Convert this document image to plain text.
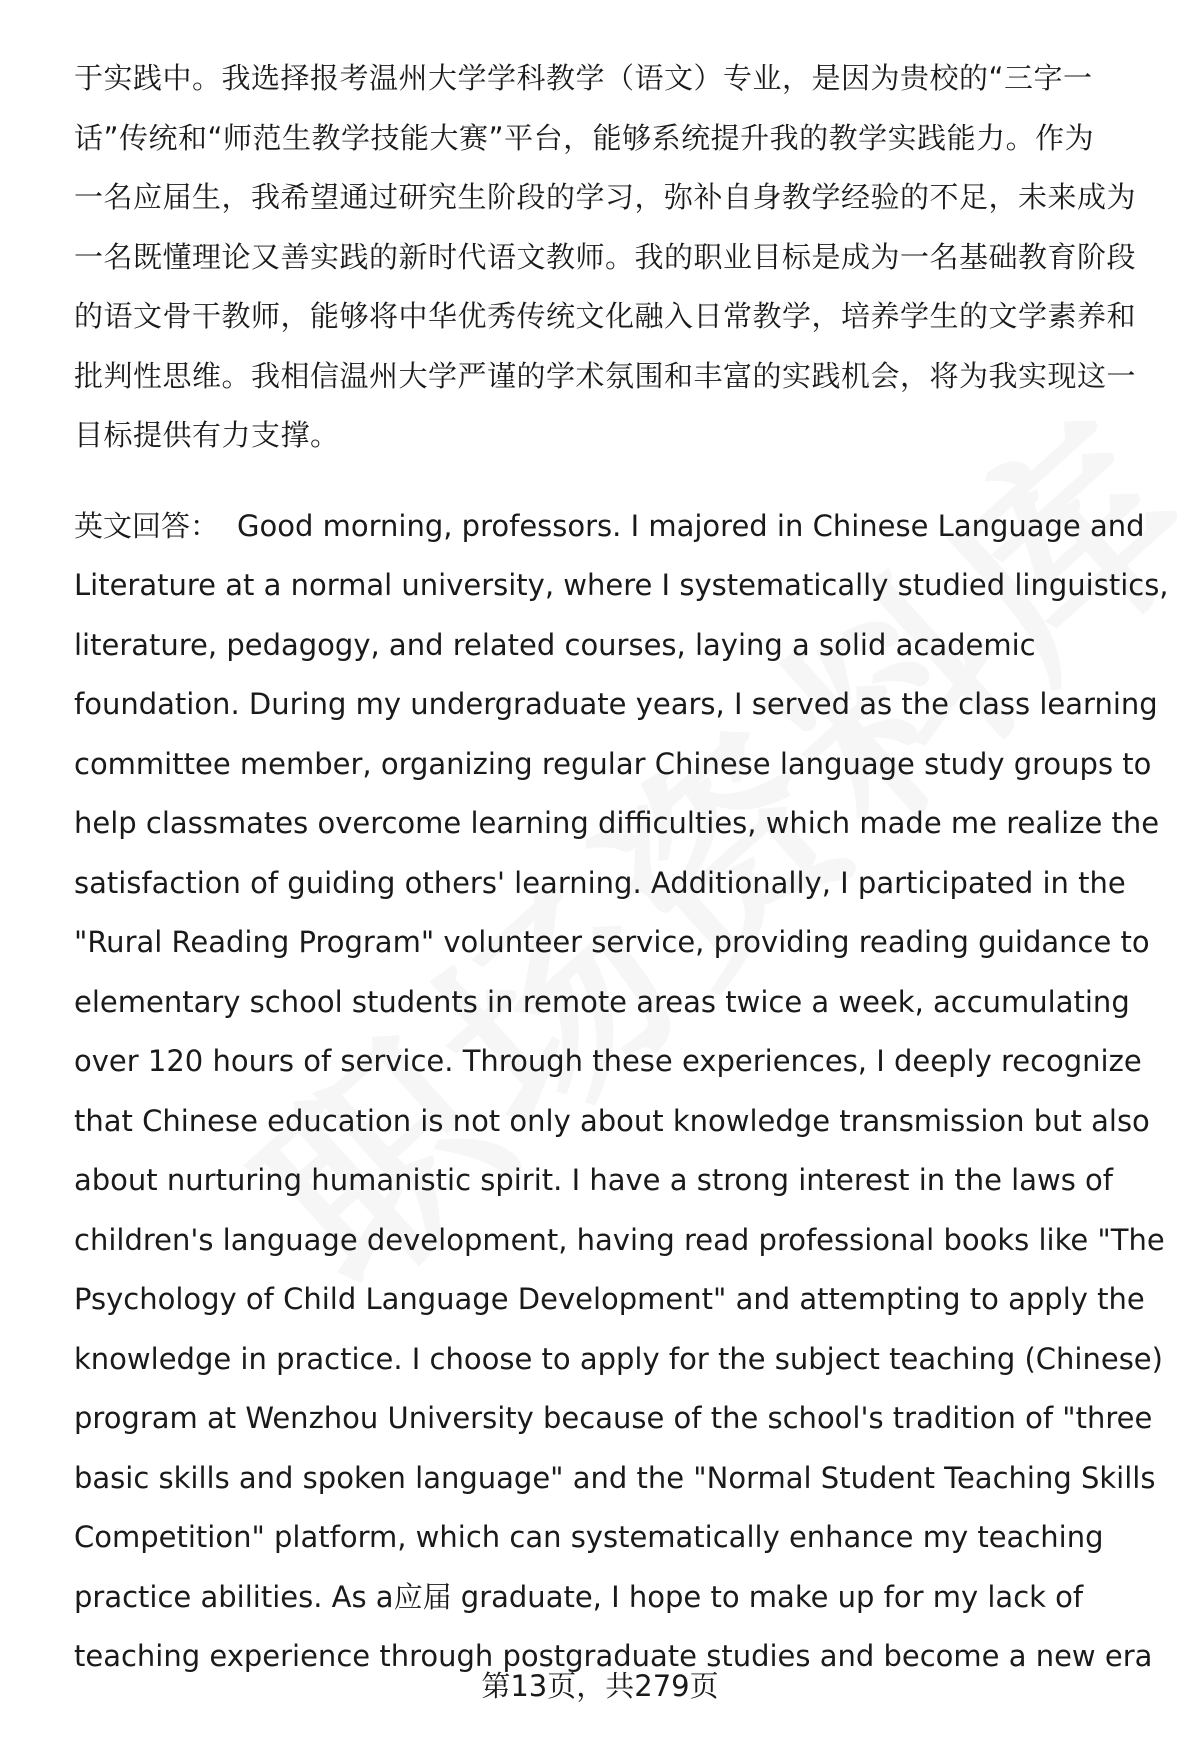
于实践中。我选择报考温州大学学科教学（语文）专业，是因为贵校的“三字一
话”传统和“师范生教学技能大赛”平台，能够系统提升我的教学实践能力。作为
一名应届生，我希望通过研究生阶段的学习，弥补自身教学经验的不足，未来成为
一名既懂理论又善实践的新时代语文教师。我的职业目标是成为一名基础教育阶段
的语文骨干教师，能够将中华优秀传统文化融入日常教学，培养学生的文学素养和
批判性思维。我相信温州大学严谨的学术氛围和丰富的实践机会，将为我实现这一
目标提供有力支撑。

英文回答： Good morning, professors. I majored in Chinese Language and
Literature at a normal university, where I systematically studied linguistics,
literature, pedagogy, and related courses, laying a solid academic
foundation. During my undergraduate years, I served as the class learning
committee member, organizing regular Chinese language study groups to
help classmates overcome learning difficulties, which made me realize the
satisfaction of guiding others' learning. Additionally, I participated in the
"Rural Reading Program" volunteer service, providing reading guidance to
elementary school students in remote areas twice a week, accumulating
over 120 hours of service. Through these experiences, I deeply recognize
that Chinese education is not only about knowledge transmission but also
about nurturing humanistic spirit. I have a strong interest in the laws of
children's language development, having read professional books like "The
Psychology of Child Language Development" and attempting to apply the
knowledge in practice. I choose to apply for the subject teaching (Chinese)
program at Wenzhou University because of the school's tradition of "three
basic skills and spoken language" and the "Normal Student Teaching Skills
Competition" platform, which can systematically enhance my teaching
practice abilities. As a应届 graduate, I hope to make up for my lack of
teaching experience through postgraduate studies and become a new era

第13页，共279页
